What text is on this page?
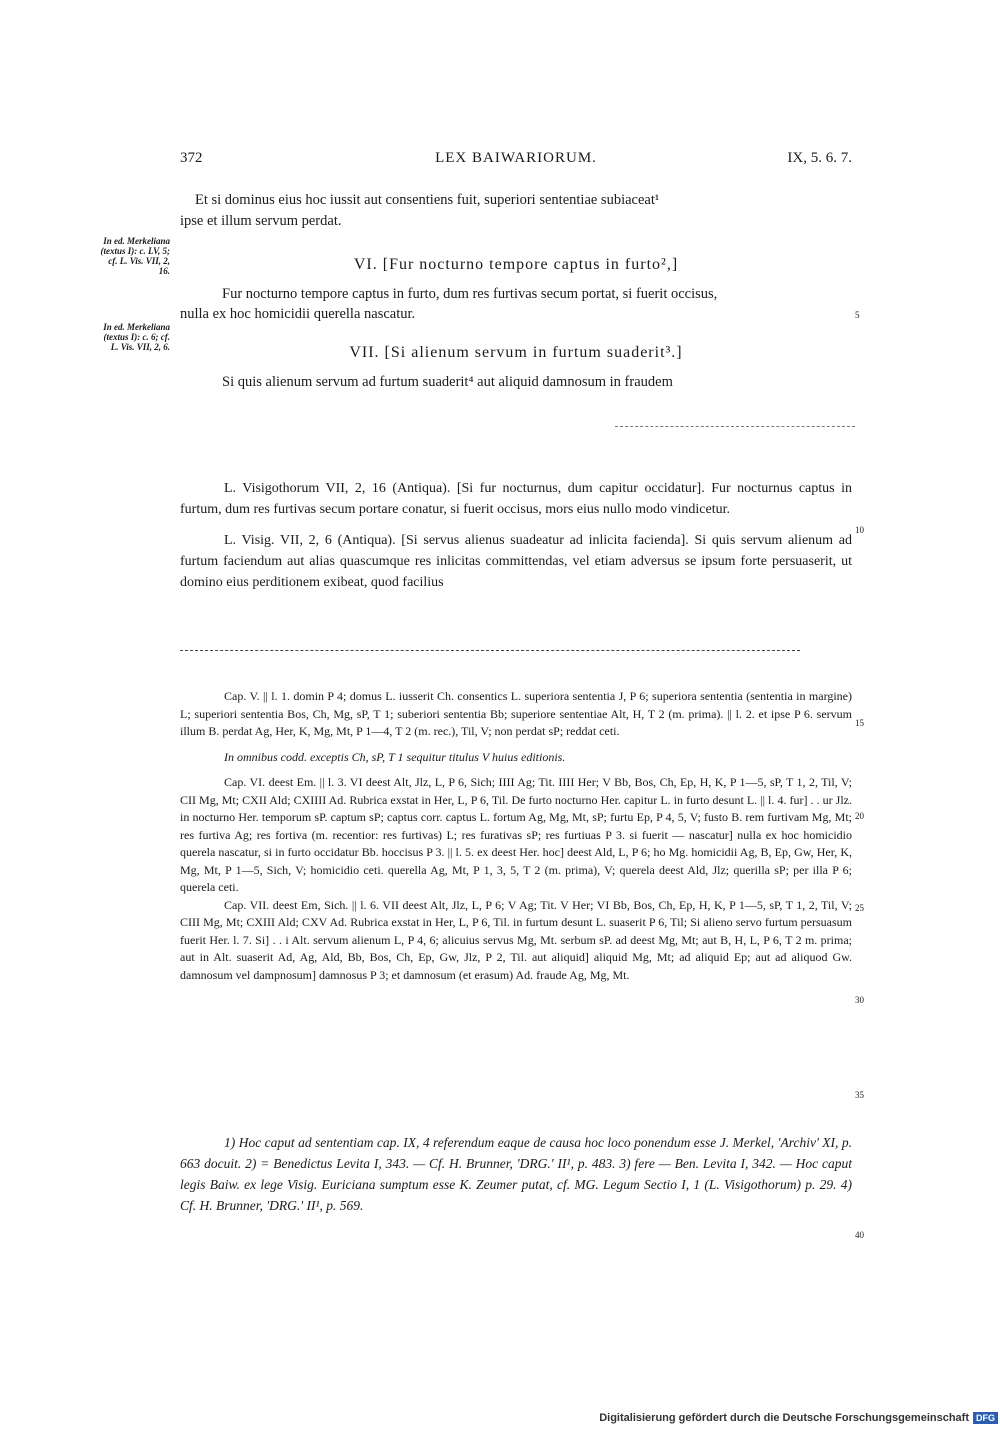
372	LEX BAIWARIORUM.	IX, 5. 6. 7.
Et si dominus eius hoc iussit aut consentiens fuit, superiori sententiae subiaceat¹
ipse et illum servum perdat.
In ed. Merkeliana (textus I): c. LV, 5; cf. L. Vis. VII, 2, 16.	VI. [Fur nocturno tempore captus in furto²,]
Fur nocturno tempore captus in furto, dum res furtivas secum portat, si fuerit occisus,
nulla ex hoc homicidii querella nascatur.	5
In ed. Merkeliana (textus I): c. 6; cf. L. Vis. VII, 2, 6.	VII. [Si alienum servum in furtum suaderit³.]
Si quis alienum servum ad furtum suaderit⁴ aut aliquid damnosum in fraudem

L. Visigothorum VII, 2, 16 (Antiqua). [Si fur nocturnus, dum capitur occidatur]. Fur nocturnus captus in furtum, dum res furtivas secum portare conatur, si fuerit occisus, mors eius nullo modo vindicetur.

L. Visig. VII, 2, 6 (Antiqua). [Si servus alienus suadeatur ad inlicita facienda]. Si quis servum alienum ad furtum faciendum aut alias quascumque res inlicitas committendas, vel etiam adversus se ipsum forte persuaserit, ut domino eius perditionem exibeat, quod facilius

10

Cap. V. || l. 1. domin P 4; domus L. iusserit Ch. consentics L. superiora sententia J, P 6; superiora sententia (sententia in margine) L; superiori sententia Bos, Ch, Mg, sP, T 1; suberiori sententia Bb; superiore sententiae Alt, H, T 2 (m. prima). || l. 2. et ipse P 6. servum illum B. perdat Ag, Her, K, Mg, Mt, P 1—4, T 2 (m. rec.), Til, V; non perdat sP; reddat ceti.

In omnibus codd. exceptis Ch, sP, T 1 sequitur titulus V huius editionis.

Cap. VI. deest Em. || l. 3. VI deest Alt, Jlz, L, P 6, Sich; IIII Ag; Tit. IIII Her; V Bb, Bos, Ch, Ep, H, K, P 1—5, sP, T 1, 2, Til, V; CII Mg, Mt; CXII Ald; CXIIII Ad. Rubrica exstat in Her, L, P 6, Til. De furto nocturno Her. capitur L. in furto desunt L. || l. 4. fur] . . ur Jlz. in nocturno Her. temporum sP. captum sP; captus corr. captus L. fortum Ag, Mg, Mt, sP; furtu Ep, P 4, 5, V; fusto B. rem furtivam Mg, Mt; res furtiva Ag; res fortiva (m. recentior: res furtivas) L; res furativas sP; res furtiuas P 3. si fuerit — nascatur] nulla ex hoc homicidio querela nascatur, si in furto occidatur Bb. hoccisus P 3. || l. 5. ex deest Her. hoc] deest Ald, L, P 6; ho Mg. homicidii Ag, B, Ep, Gw, Her, K, Mg, Mt, P 1—5, Sich, V; homicidio ceti. querella Ag, Mt, P 1, 3, 5, T 2 (m. prima), V; querela deest Ald, Jlz; querilla sP; per illa P 6; querela ceti.

Cap. VII. deest Em, Sich. || l. 6. VII deest Alt, Jlz, L, P 6; V Ag; Tit. V Her; VI Bb, Bos, Ch, Ep, H, K, P 1—5, sP, T 1, 2, Til, V; CIII Mg, Mt; CXIII Ald; CXV Ad. Rubrica exstat in Her, L, P 6, Til. in furtum desunt L. suaserit P 6, Til; Si alieno servo furtum persuasum fuerit Her. l. 7. Si] . . i Alt. servum alienum L, P 4, 6; alicuius servus Mg, Mt. serbum sP. ad deest Mg, Mt; aut B, H, L, P 6, T 2 m. prima; aut in Alt. suaserit Ad, Ag, Ald, Bb, Bos, Ch, Ep, Gw, Jlz, P 2, Til. aut aliquid] aliquid Mg, Mt; ad aliquid Ep; aut ad aliquod Gw. damnosum vel dampnosum] damnosus P 3; et damnosum (et erasum) Ad. fraude Ag, Mg, Mt.

15
20
25
30
35

1) Hoc caput ad sententiam cap. IX, 4 referendum eaque de causa hoc loco ponendum esse J. Merkel, 'Archiv' XI, p. 663 docuit. 2) = Benedictus Levita I, 343. — Cf. H. Brunner, 'DRG.' II¹, p. 483. 3) fere — Ben. Levita I, 342. — Hoc caput legis Baiw. ex lege Visig. Euriciana sumptum esse K. Zeumer putat, cf. MG. Legum Sectio I, 1 (L. Visigothorum) p. 29. 4) Cf. H. Brunner, 'DRG.' II¹, p. 569.

40
Digitalisierung gefördert durch die Deutsche Forschungsgemeinschaft DFG
